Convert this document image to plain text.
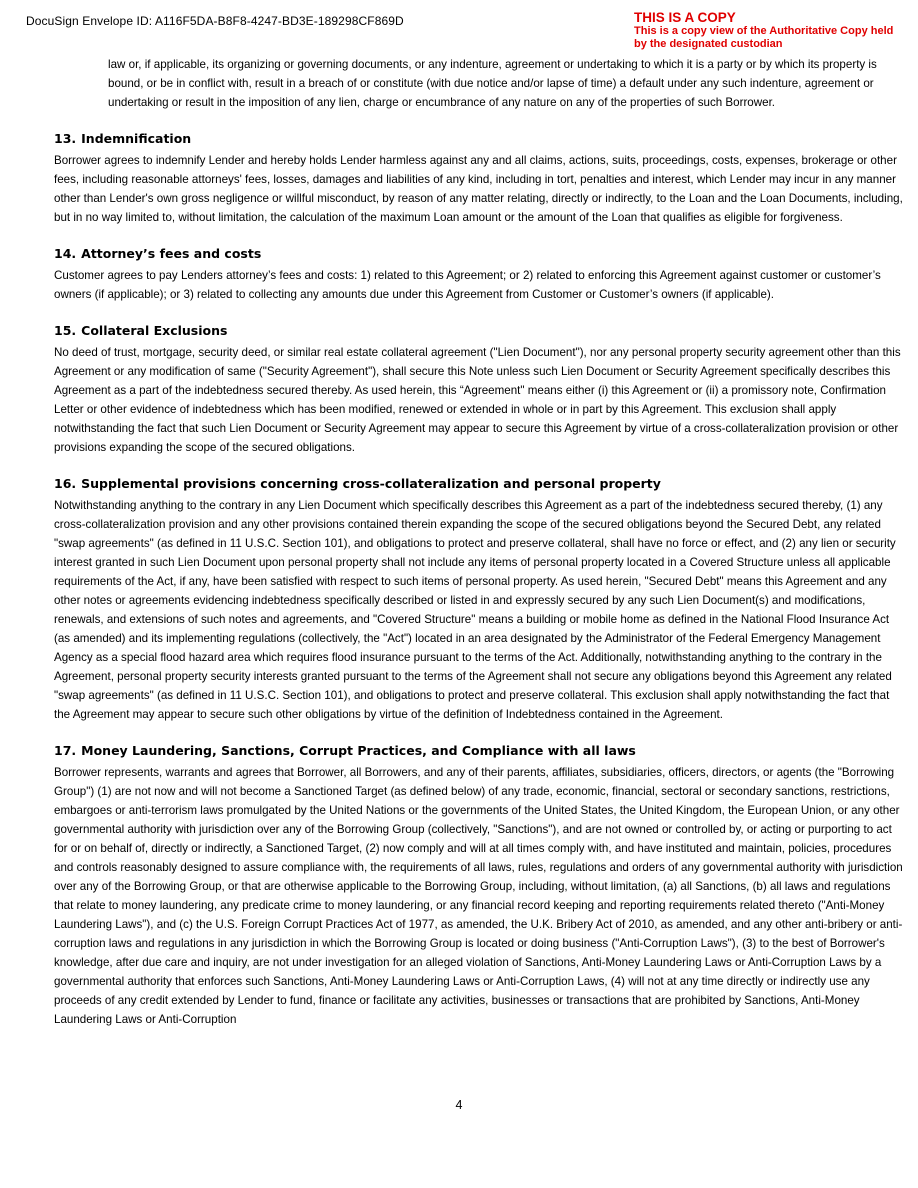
DocuSign Envelope ID: A116F5DA-B8F8-4247-BD3E-189298CF869D	THIS IS A COPY
This is a copy view of the Authoritative Copy held
by the designated custodian

law or, if applicable, its organizing or governing documents, or any indenture, agreement or undertaking to which it is a party or by which its property is bound, or be in conflict with, result in a breach of or constitute (with due notice and/or lapse of time) a default under any such indenture, agreement or undertaking or result in the imposition of any lien, charge or encumbrance of any nature on any of the properties of such Borrower.

13. Indemnification

Borrower agrees to indemnify Lender and hereby holds Lender harmless against any and all claims, actions, suits, proceedings, costs, expenses, brokerage or other fees, including reasonable attorneys' fees, losses, damages and liabilities of any kind, including in tort, penalties and interest, which Lender may incur in any manner other than Lender's own gross negligence or willful misconduct, by reason of any matter relating, directly or indirectly, to the Loan and the Loan Documents, including, but in no way limited to, without limitation, the calculation of the maximum Loan amount or the amount of the Loan that qualifies as eligible for forgiveness.

14. Attorney’s fees and costs

Customer agrees to pay Lenders attorney’s fees and costs: 1) related to this Agreement; or 2) related to enforcing this Agreement against customer or customer’s owners (if applicable); or 3) related to collecting any amounts due under this Agreement from Customer or Customer’s owners (if applicable).

15. Collateral Exclusions

No deed of trust, mortgage, security deed, or similar real estate collateral agreement ("Lien Document"), nor any personal property security agreement other than this Agreement or any modification of same ("Security Agreement"), shall secure this Note unless such Lien Document or Security Agreement specifically describes this Agreement as a part of the indebtedness secured thereby. As used herein, this “Agreement" means either (i) this Agreement or (ii) a promissory note, Confirmation Letter or other evidence of indebtedness which has been modified, renewed or extended in whole or in part by this Agreement. This exclusion shall apply notwithstanding the fact that such Lien Document or Security Agreement may appear to secure this Agreement by virtue of a cross-collateralization provision or other provisions expanding the scope of the secured obligations.

16. Supplemental provisions concerning cross-collateralization and personal property

Notwithstanding anything to the contrary in any Lien Document which specifically describes this Agreement as a part of the indebtedness secured thereby, (1) any cross-collateralization provision and any other provisions contained therein expanding the scope of the secured obligations beyond the Secured Debt, any related "swap agreements" (as defined in 11 U.S.C. Section 101), and obligations to protect and preserve collateral, shall have no force or effect, and (2) any lien or security interest granted in such Lien Document upon personal property shall not include any items of personal property located in a Covered Structure unless all applicable requirements of the Act, if any, have been satisfied with respect to such items of personal property. As used herein, "Secured Debt" means this Agreement and any other notes or agreements evidencing indebtedness specifically described or listed in and expressly secured by any such Lien Document(s) and modifications, renewals, and extensions of such notes and agreements, and "Covered Structure" means a building or mobile home as defined in the National Flood Insurance Act (as amended) and its implementing regulations (collectively, the "Act") located in an area designated by the Administrator of the Federal Emergency Management Agency as a special flood hazard area which requires flood insurance pursuant to the terms of the Act. Additionally, notwithstanding anything to the contrary in the Agreement, personal property security interests granted pursuant to the terms of the Agreement shall not secure any obligations beyond this Agreement any related "swap agreements" (as defined in 11 U.S.C. Section 101), and obligations to protect and preserve collateral. This exclusion shall apply notwithstanding the fact that the Agreement may appear to secure such other obligations by virtue of the definition of Indebtedness contained in the Agreement.

17. Money Laundering, Sanctions, Corrupt Practices, and Compliance with all laws

Borrower represents, warrants and agrees that Borrower, all Borrowers, and any of their parents, affiliates, subsidiaries, officers, directors, or agents (the "Borrowing Group") (1) are not now and will not become a Sanctioned Target (as defined below) of any trade, economic, financial, sectoral or secondary sanctions, restrictions, embargoes or anti-terrorism laws promulgated by the United Nations or the governments of the United States, the United Kingdom, the European Union, or any other governmental authority with jurisdiction over any of the Borrowing Group (collectively, "Sanctions"), and are not owned or controlled by, or acting or purporting to act for or on behalf of, directly or indirectly, a Sanctioned Target, (2) now comply and will at all times comply with, and have instituted and maintain, policies, procedures and controls reasonably designed to assure compliance with, the requirements of all laws, rules, regulations and orders of any governmental authority with jurisdiction over any of the Borrowing Group, or that are otherwise applicable to the Borrowing Group, including, without limitation, (a) all Sanctions, (b) all laws and regulations that relate to money laundering, any predicate crime to money laundering, or any financial record keeping and reporting requirements related thereto ("Anti-Money Laundering Laws"), and (c) the U.S. Foreign Corrupt Practices Act of 1977, as amended, the U.K. Bribery Act of 2010, as amended, and any other anti-bribery or anti-corruption laws and regulations in any jurisdiction in which the Borrowing Group is located or doing business ("Anti-Corruption Laws"), (3) to the best of Borrower's knowledge, after due care and inquiry, are not under investigation for an alleged violation of Sanctions, Anti-Money Laundering Laws or Anti-Corruption Laws by a governmental authority that enforces such Sanctions, Anti-Money Laundering Laws or Anti-Corruption Laws, (4) will not at any time directly or indirectly use any proceeds of any credit extended by Lender to fund, finance or facilitate any activities, businesses or transactions that are prohibited by Sanctions, Anti-Money Laundering Laws or Anti-Corruption

4
